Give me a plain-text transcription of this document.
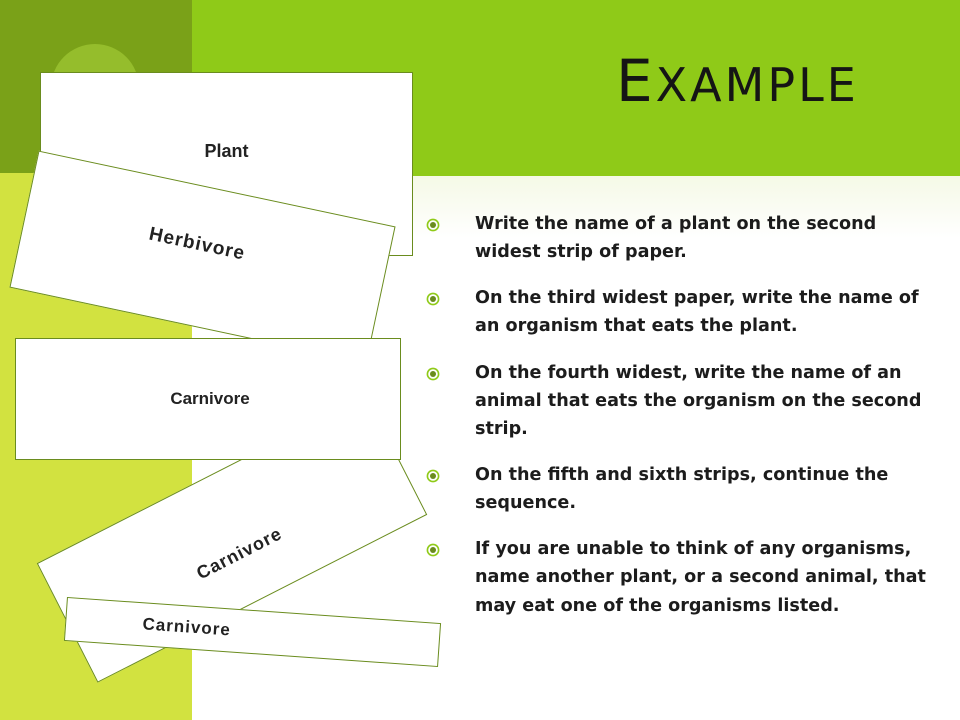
EXAMPLE
Plant
Carnivore
Herbivore
Carnivore
Carnivore
Write the name of a plant on the second widest strip of paper.
On the third widest paper, write the name of an organism that eats the plant.
On the fourth widest, write the name of an animal that eats the organism on the second strip.
On the fifth and sixth strips, continue the sequence.
If you are unable to think of any organisms, name another plant, or a second animal, that may eat one of the organisms listed.
